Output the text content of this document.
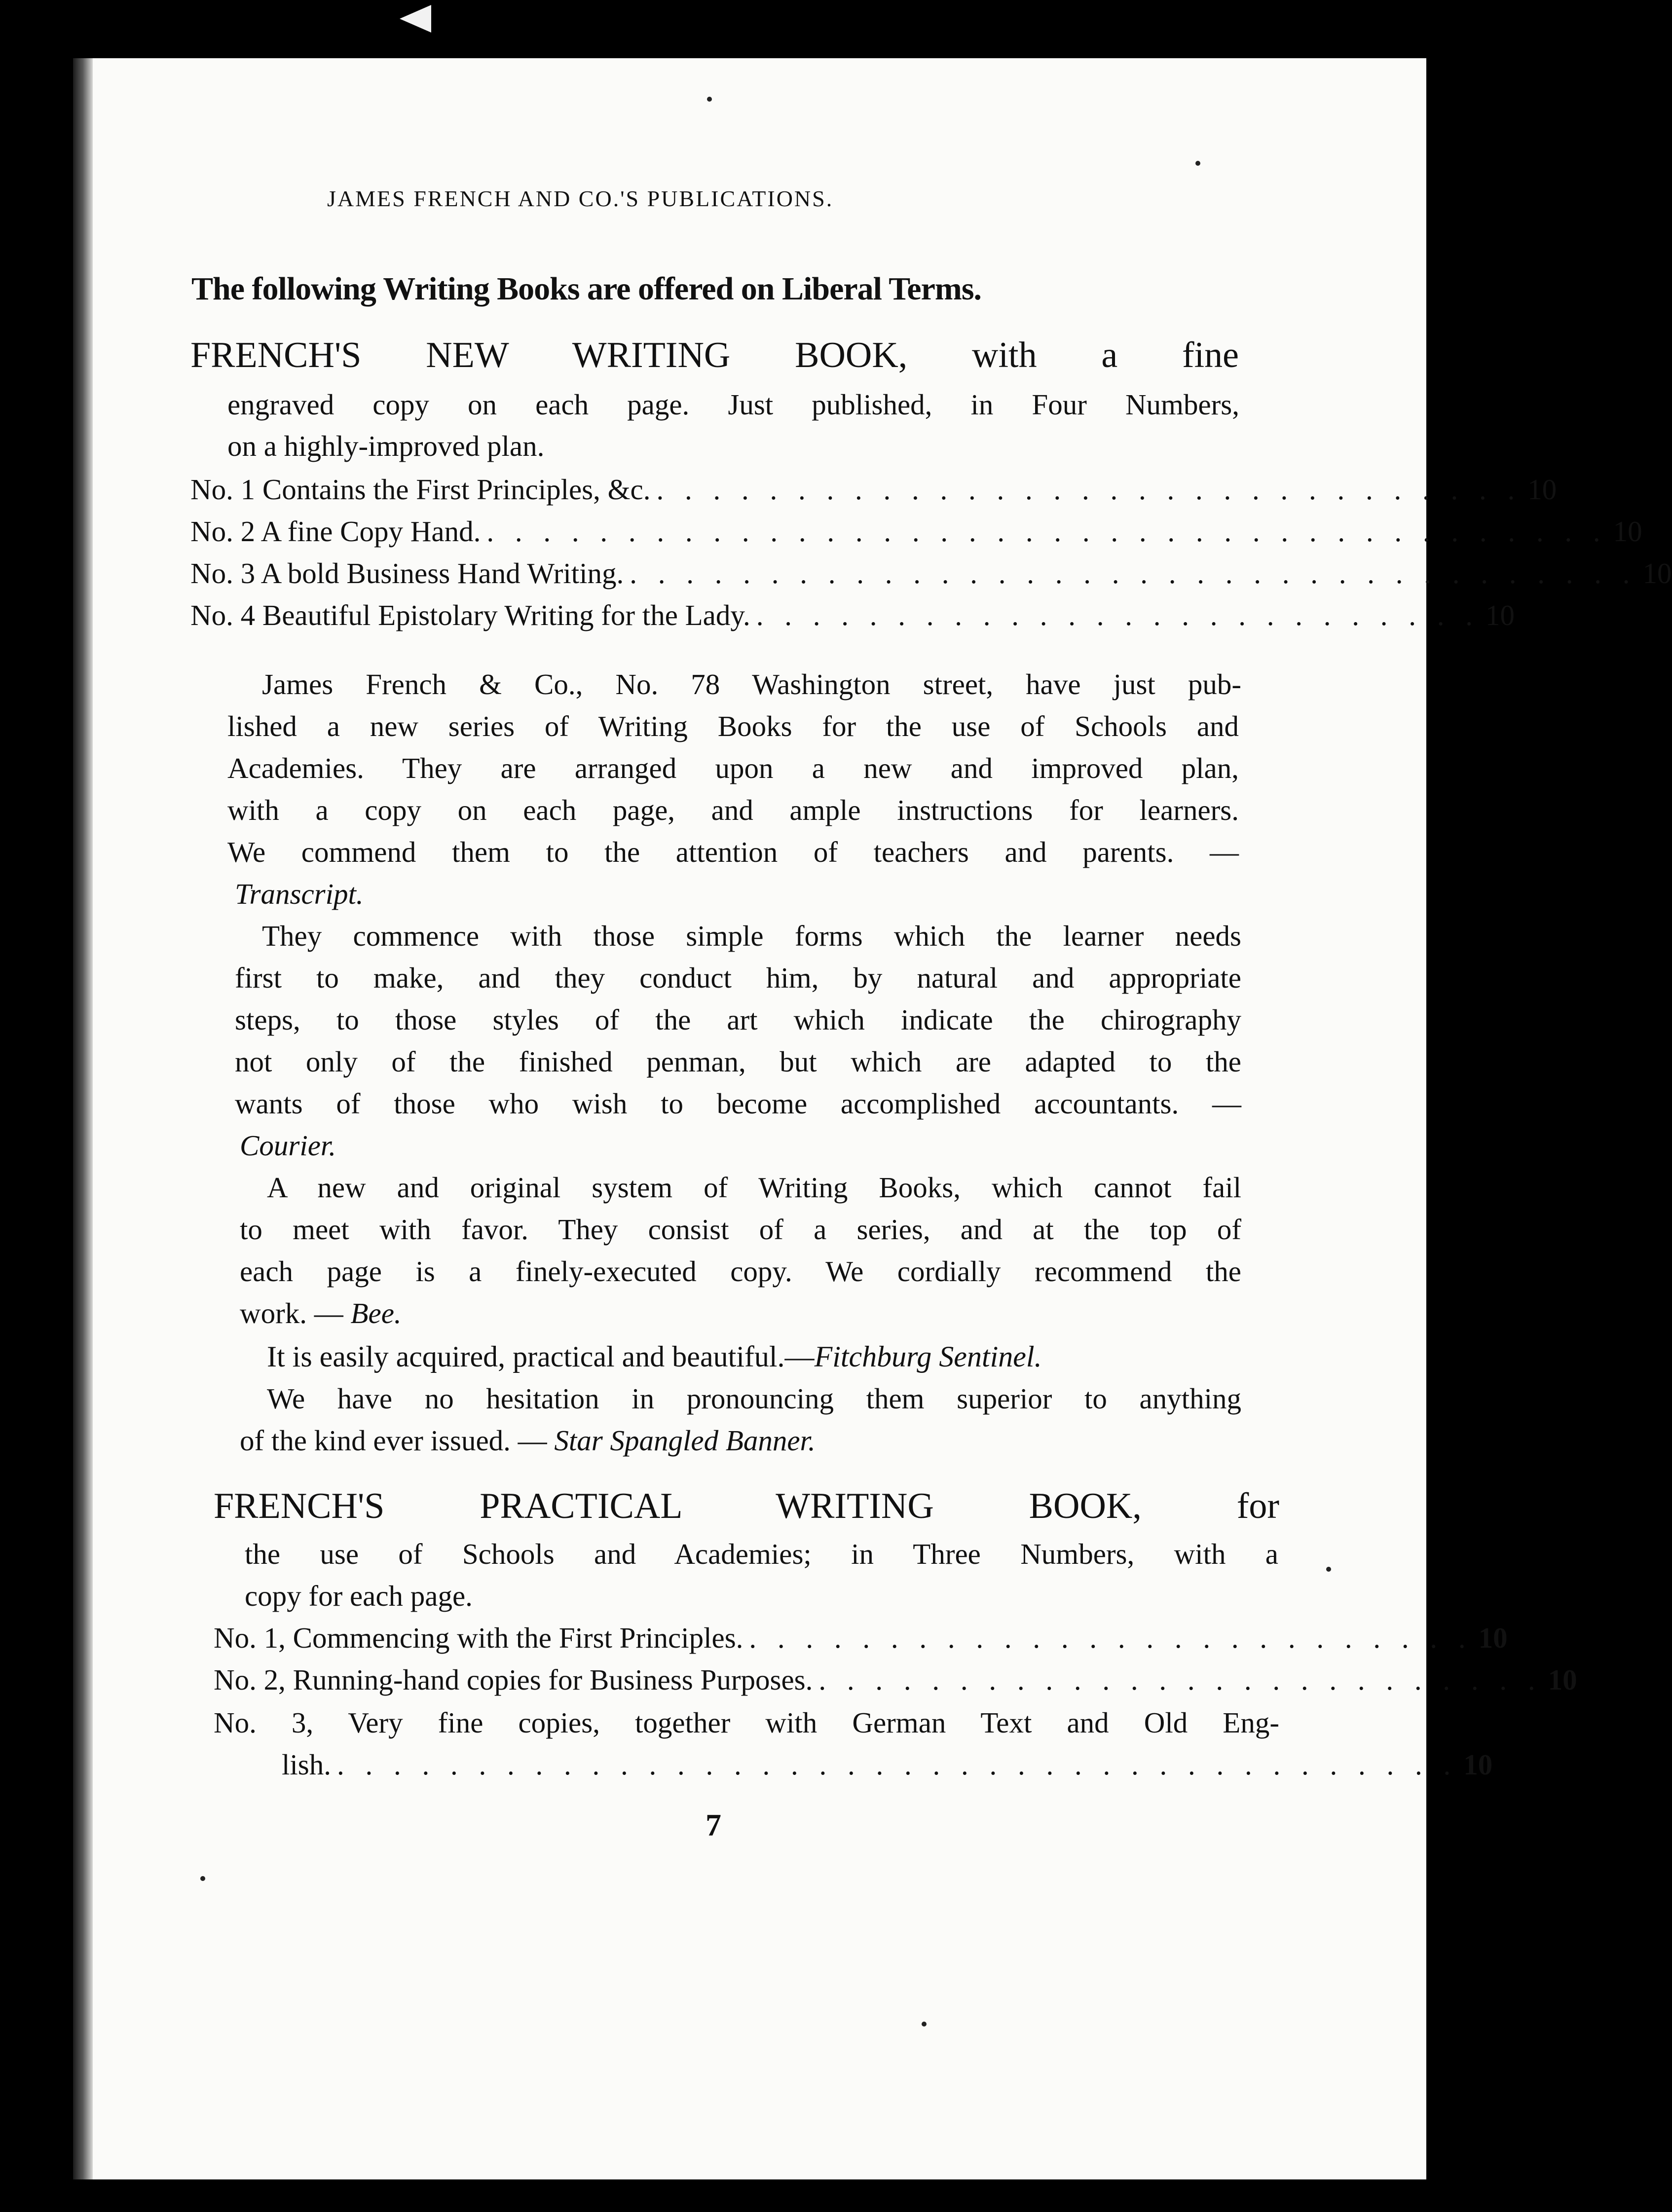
JAMES FRENCH AND CO.'S PUBLICATIONS.
The following Writing Books are offered on Liberal Terms.
FRENCH'S NEW WRITING BOOK, with a fine
engraved copy on each page. Just published, in Four Numbers,
on a highly-improved plan.
No. 1 Contains the First Principles, &c. . . . . . . . . . . . . . . . . . . . . . . . . . . . . . . . 10
No. 2 A fine Copy Hand. . . . . . . . . . . . . . . . . . . . . . . . . . . . . . . . . . . . . . . . . 10
No. 3 A bold Business Hand Writing. . . . . . . . . . . . . . . . . . . . . . . . . . . . . . . . . . . . . 10
No. 4 Beautiful Epistolary Writing for the Lady. . . . . . . . . . . . . . . . . . . . . . . . . . . 10
James French & Co., No. 78 Washington street, have just pub-
lished a new series of Writing Books for the use of Schools and
Academies. They are arranged upon a new and improved plan,
with a copy on each page, and ample instructions for learners.
We commend them to the attention of teachers and parents. —
Transcript.
They commence with those simple forms which the learner needs
first to make, and they conduct him, by natural and appropriate
steps, to those styles of the art which indicate the chirography
not only of the finished penman, but which are adapted to the
wants of those who wish to become accomplished accountants. —
Courier.
A new and original system of Writing Books, which cannot fail
to meet with favor. They consist of a series, and at the top of
each page is a finely-executed copy. We cordially recommend the
work. — Bee.
It is easily acquired, practical and beautiful.—Fitchburg Sentinel.
We have no hesitation in pronouncing them superior to anything
of the kind ever issued. — Star Spangled Banner.
FRENCH'S PRACTICAL WRITING BOOK, for
the use of Schools and Academies; in Three Numbers, with a
copy for each page.
No. 1, Commencing with the First Principles. . . . . . . . . . . . . . . . . . . . . . . . . . . 10
No. 2, Running-hand copies for Business Purposes. . . . . . . . . . . . . . . . . . . . . . . . . . . 10
No. 3, Very fine copies, together with German Text and Old Eng-
lish. . . . . . . . . . . . . . . . . . . . . . . . . . . . . . . . . . . . . . . . . 10
7
